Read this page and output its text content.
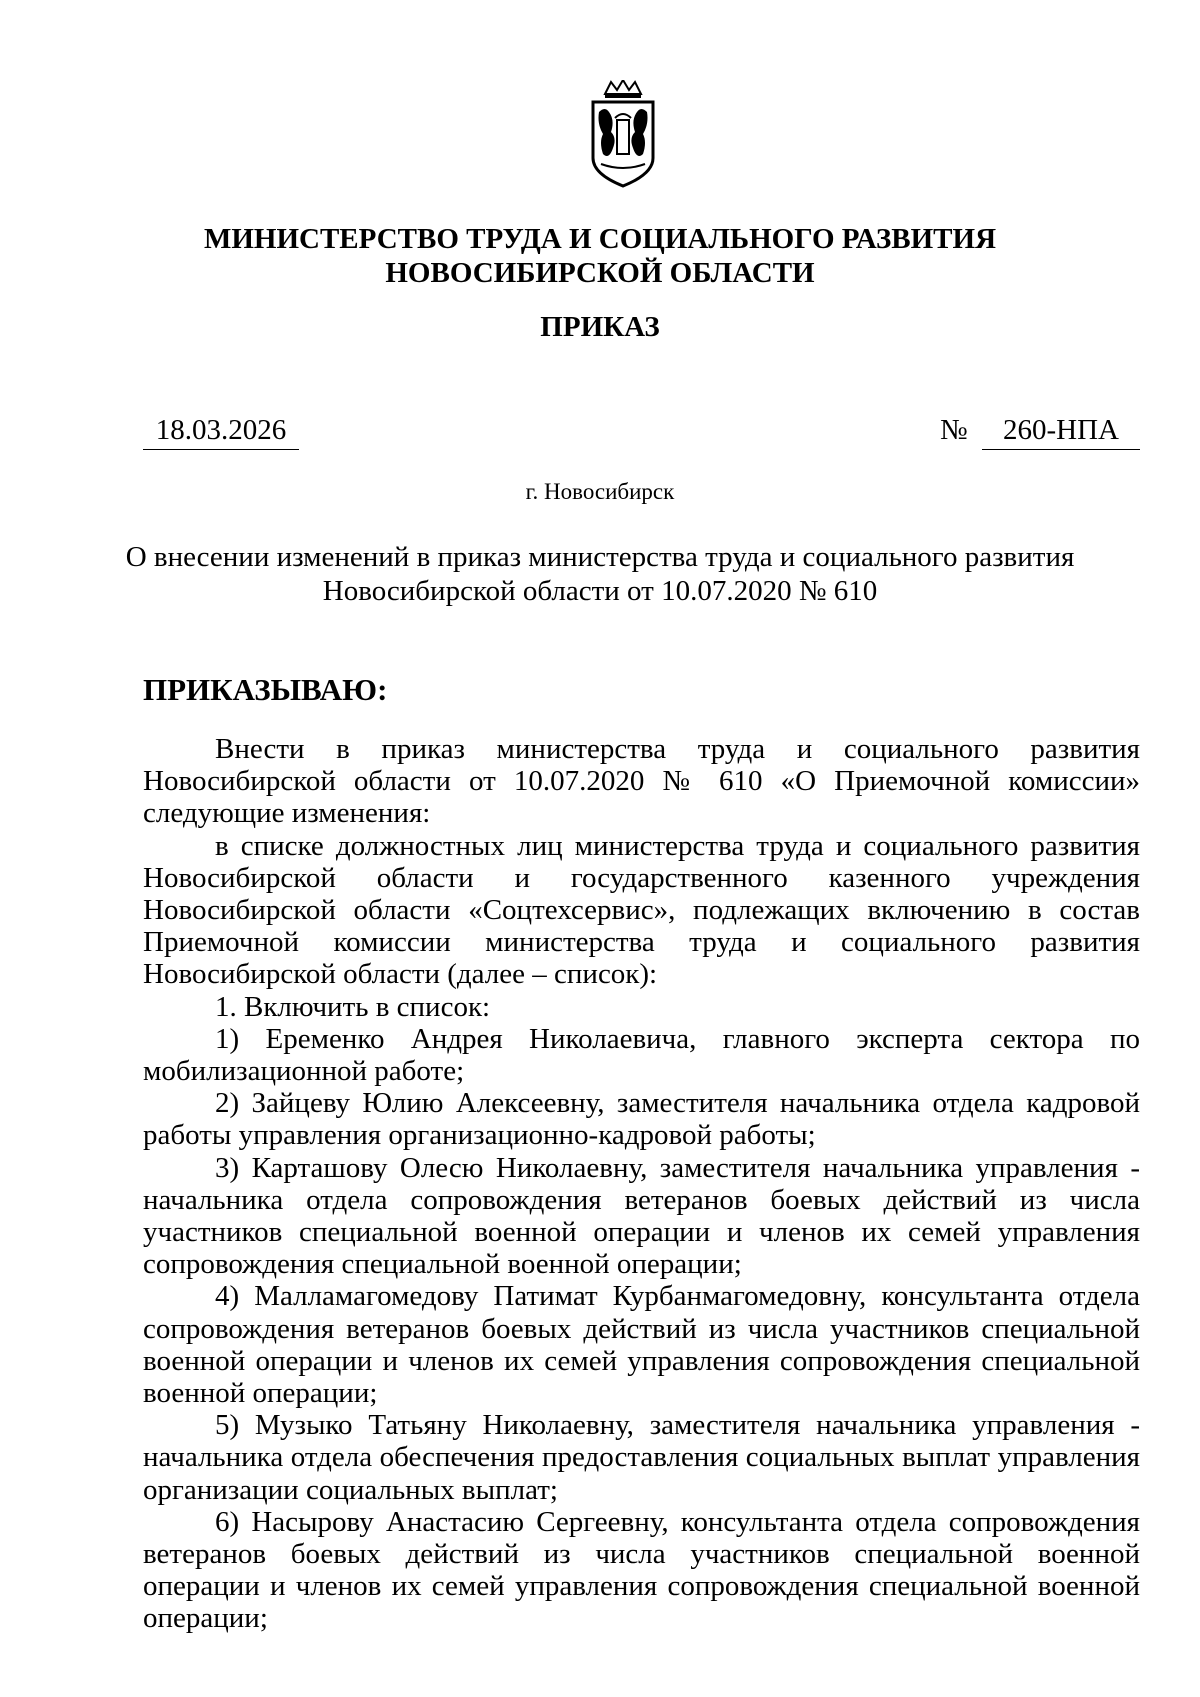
МИНИСТЕРСТВО ТРУДА И СОЦИАЛЬНОГО РАЗВИТИЯ
НОВОСИБИРСКОЙ ОБЛАСТИ
ПРИКАЗ
18.03.2026	№	260-НПА
г. Новосибирск
О внесении изменений в приказ министерства труда и социального развития
Новосибирской области от 10.07.2020 № 610
ПРИКАЗЫВАЮ:

Внести в приказ министерства труда и социального развития Новосибирской области от 10.07.2020 № 610 «О Приемочной комиссии» следующие изменения:

в списке должностных лиц министерства труда и социального развития Новосибирской области и государственного казенного учреждения Новосибирской области «Соцтехсервис», подлежащих включению в состав Приемочной комиссии министерства труда и социального развития Новосибирской области (далее – список):

1. Включить в список:

1) Еременко Андрея Николаевича, главного эксперта сектора по мобилизационной работе;

2) Зайцеву Юлию Алексеевну, заместителя начальника отдела кадровой работы управления организационно-кадровой работы;

3) Карташову Олесю Николаевну, заместителя начальника управления - начальника отдела сопровождения ветеранов боевых действий из числа участников специальной военной операции и членов их семей управления сопровождения специальной военной операции;

4) Малламагомедову Патимат Курбанмагомедовну, консультанта отдела сопровождения ветеранов боевых действий из числа участников специальной военной операции и членов их семей управления сопровождения специальной военной операции;

5) Музыко Татьяну Николаевну, заместителя начальника управления - начальника отдела обеспечения предоставления социальных выплат управления организации социальных выплат;

6) Насырову Анастасию Сергеевну, консультанта отдела сопровождения ветеранов боевых действий из числа участников специальной военной операции и членов их семей управления сопровождения специальной военной операции;
